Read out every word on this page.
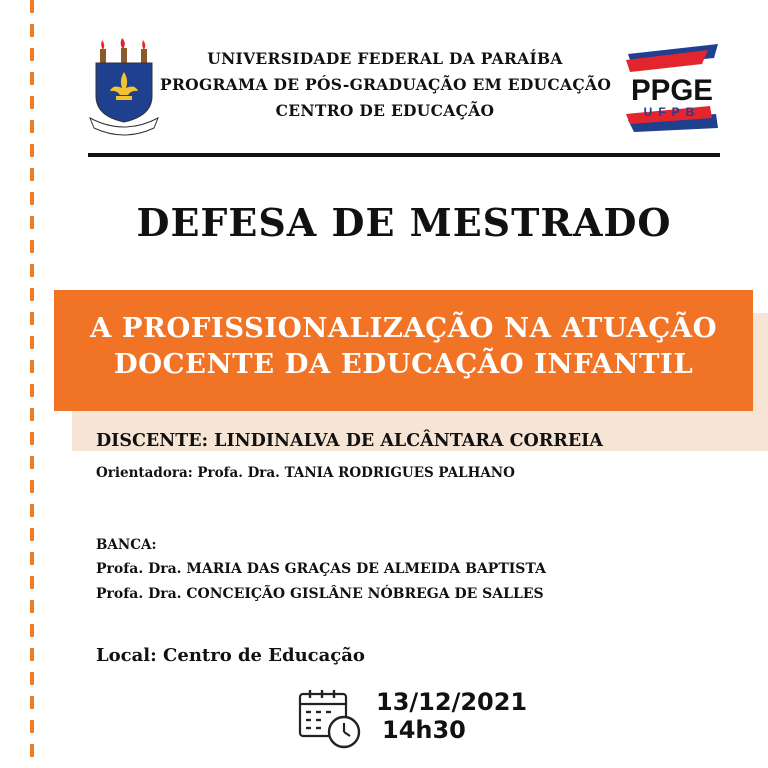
UNIVERSIDADE FEDERAL DA PARAÍBA
PROGRAMA DE PÓS-GRADUAÇÃO EM EDUCAÇÃO
CENTRO DE EDUCAÇÃO
PPGE
UFPB
DEFESA DE MESTRADO
A PROFISSIONALIZAÇÃO NA ATUAÇÃO
DOCENTE DA EDUCAÇÃO INFANTIL
DISCENTE: LINDINALVA DE ALCÂNTARA CORREIA
Orientadora: Profa. Dra. TANIA RODRIGUES PALHANO
BANCA:
Profa. Dra. MARIA DAS GRAÇAS DE ALMEIDA BAPTISTA
Profa. Dra. CONCEIÇÃO GISLÂNE NÓBREGA DE SALLES
Local: Centro de Educação
13/12/2021
14h30
